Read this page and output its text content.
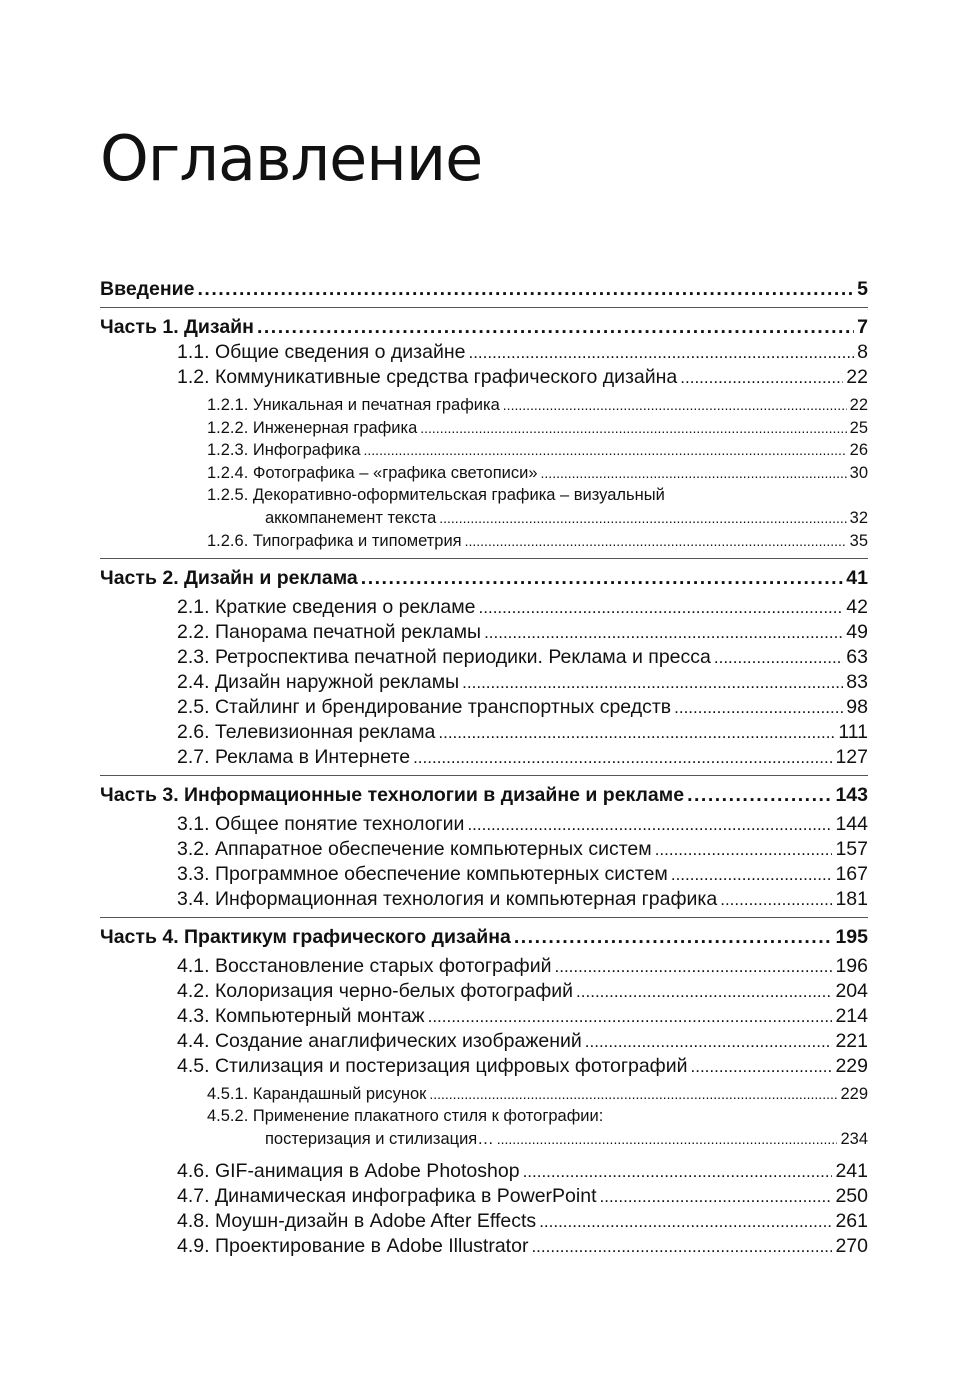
Оглавление
Введение .....	5
Часть 1. Дизайн .....	7
1.1. Общие сведения о дизайне .....	8
1.2. Коммуникативные средства графического дизайна .....	22
1.2.1. Уникальная и печатная графика .....	22
1.2.2. Инженерная графика .....	25
1.2.3. Инфографика .....	26
1.2.4. Фотографика – «графика светописи» .....	30
1.2.5. Декоративно-оформительская графика – визуальный
аккомпанемент текста .....	32
1.2.6. Типографика и типометрия .....	35
Часть 2. Дизайн и реклама .....	41
2.1. Краткие сведения о рекламе .....	42
2.2. Панорама печатной рекламы .....	49
2.3. Ретроспектива печатной периодики. Реклама и пресса .....	63
2.4. Дизайн наружной рекламы .....	83
2.5. Стайлинг и брендирование транспортных средств .....	98
2.6. Телевизионная реклама .....	111
2.7. Реклама в Интернете .....	127
Часть 3. Информационные технологии в дизайне и рекламе .....	143
3.1. Общее понятие технологии .....	144
3.2. Аппаратное обеспечение компьютерных систем .....	157
3.3. Программное обеспечение компьютерных систем .....	167
3.4. Информационная технология и компьютерная графика .....	181
Часть 4. Практикум графического дизайна .....	195
4.1. Восстановление старых фотографий .....	196
4.2. Колоризация черно-белых фотографий .....	204
4.3. Компьютерный монтаж .....	214
4.4. Создание анаглифических изображений .....	221
4.5. Стилизация и постеризация цифровых фотографий .....	229
4.5.1. Карандашный рисунок .....	229
4.5.2. Применение плакатного стиля к фотографии:
постеризация и стилизация… .....	234
4.6. GIF-анимация в Adobe Photoshop .....	241
4.7. Динамическая инфографика в PowerPoint .....	250
4.8. Моушн-дизайн в Adobe After Effects .....	261
4.9. Проектирование в Adobe Illustrator .....	270
